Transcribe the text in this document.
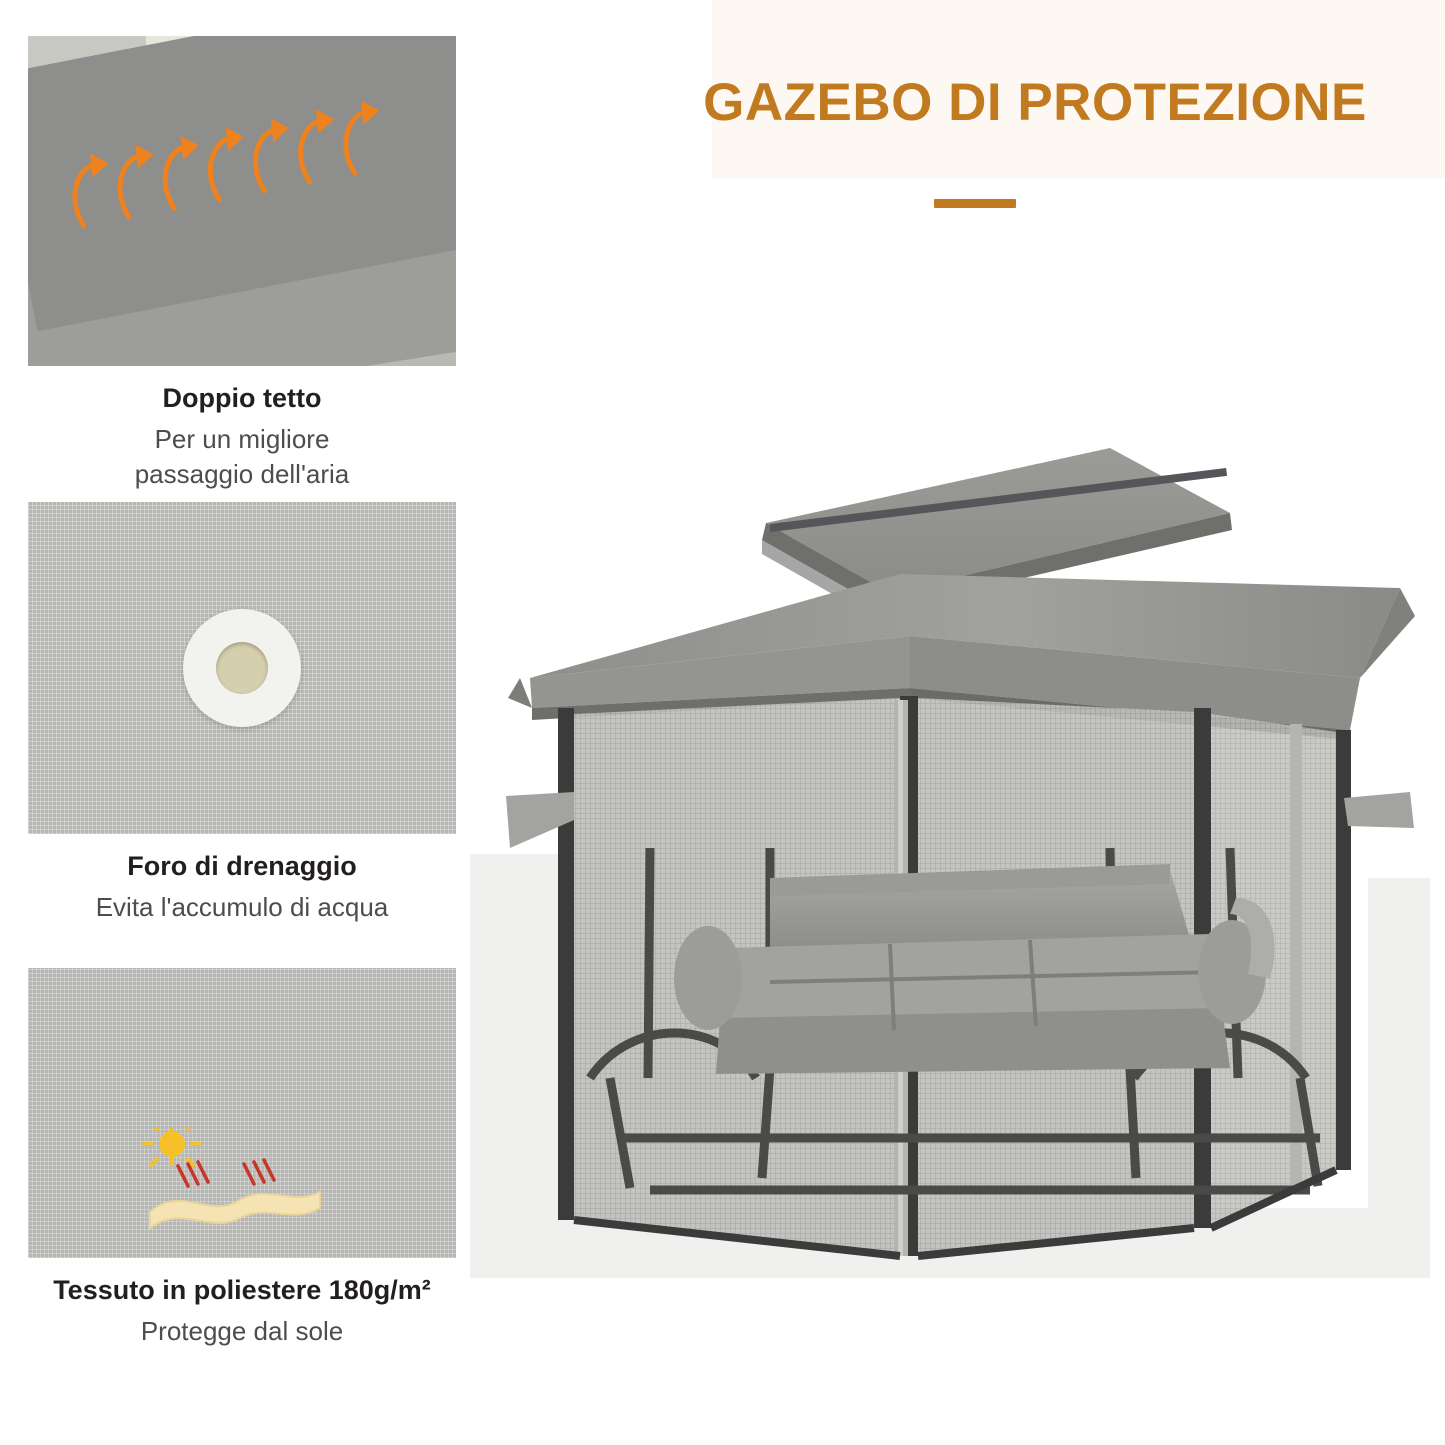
GAZEBO DI PROTEZIONE
Doppio tetto
Per un migliore
passaggio dell'aria
Foro di drenaggio
Evita l'accumulo di acqua
Tessuto in poliestere 180g/m²
Protegge dal sole
